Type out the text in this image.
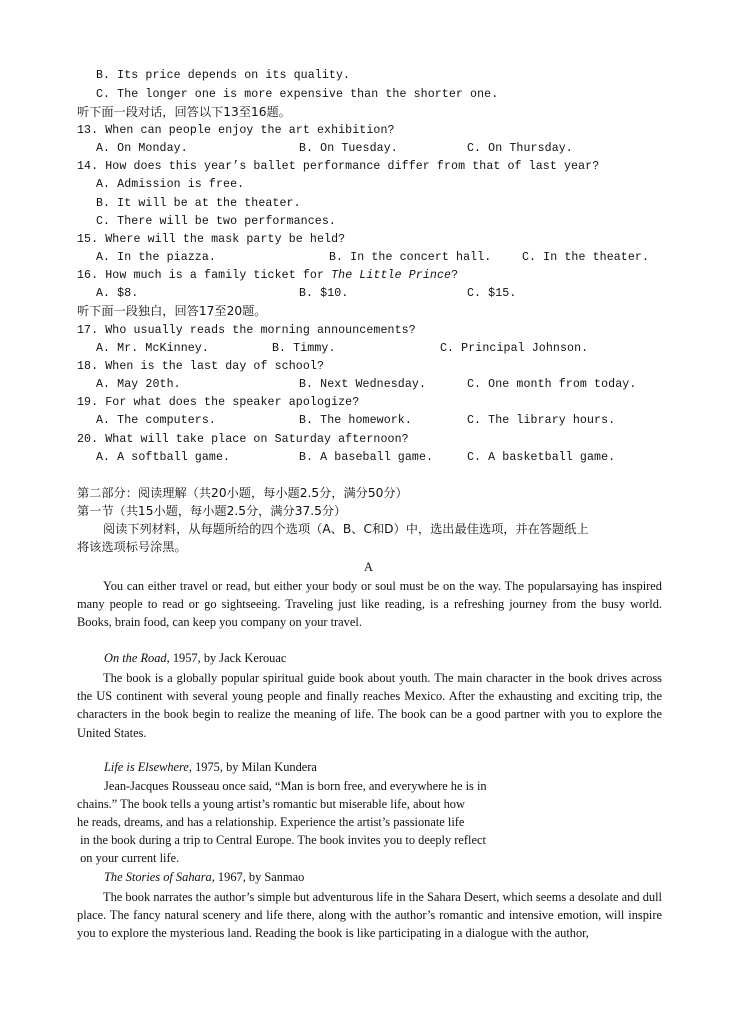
B. Its price depends on its quality.
C. The longer one is more expensive than the shorter one.
听下面一段对话，回答以下13至16题。
13. When can people enjoy the art exhibition?
A. On Monday.	B. On Tuesday.	C. On Thursday.
14. How does this year’s ballet performance differ from that of last year?
A. Admission is free.
B. It will be at the theater.
C. There will be two performances.
15. Where will the mask party be held?
A. In the piazza.	B. In the concert hall.	C. In the theater.
16. How much is a family ticket for The Little Prince?
A. $8.	B. $10.	C. $15.
听下面一段独白，回答17至20题。
17. Who usually reads the morning announcements?
A. Mr. McKinney.	B. Timmy.	C. Principal Johnson.
18. When is the last day of school?
A. May 20th.	B. Next Wednesday.	C. One month from today.
19. For what does the speaker apologize?
A. The computers.	B. The homework.	C. The library hours.
20. What will take place on Saturday afternoon?
A. A softball game.	B. A baseball game.	C. A basketball game.
第二部分：阅读理解（共20小题，每小题2.5分，满分50分）
第一节（共15小题，每小题2.5分，满分37.5分）
阅读下列材料，从每题所给的四个选项（A、B、C和D）中，选出最佳选项，并在答题纸上
将该选项标号涂黑。
A

You can either travel or read, but either your body or soul must be on the way. The popularsaying has inspired many people to read or go sightseeing. Traveling just like reading, is a refreshing journey from the busy world. Books, brain food, can keep you company on your travel.

On the Road, 1957, by Jack Kerouac

The book is a globally popular spiritual guide book about youth. The main character in the book drives across the US continent with several young people and finally reaches Mexico. After the exhausting and exciting trip, the characters in the book begin to realize the meaning of life. The book can be a good partner with you to explore the United States.

Life is Elsewhere, 1975, by Milan Kundera
Jean-Jacques Rousseau once said, “Man is born free, and everywhere he is in
chains.” The book tells a young artist’s romantic but miserable life, about how
he reads, dreams, and has a relationship. Experience the artist’s passionate life
in the book during a trip to Central Europe. The book invites you to deeply reflect
on your current life.
The Stories of Sahara, 1967, by Sanmao

The book narrates the author’s simple but adventurous life in the Sahara Desert, which seems a desolate and dull place. The fancy natural scenery and life there, along with the author’s romantic and intensive emotion, will inspire you to explore the mysterious land. Reading the book is like participating in a dialogue with the author,
